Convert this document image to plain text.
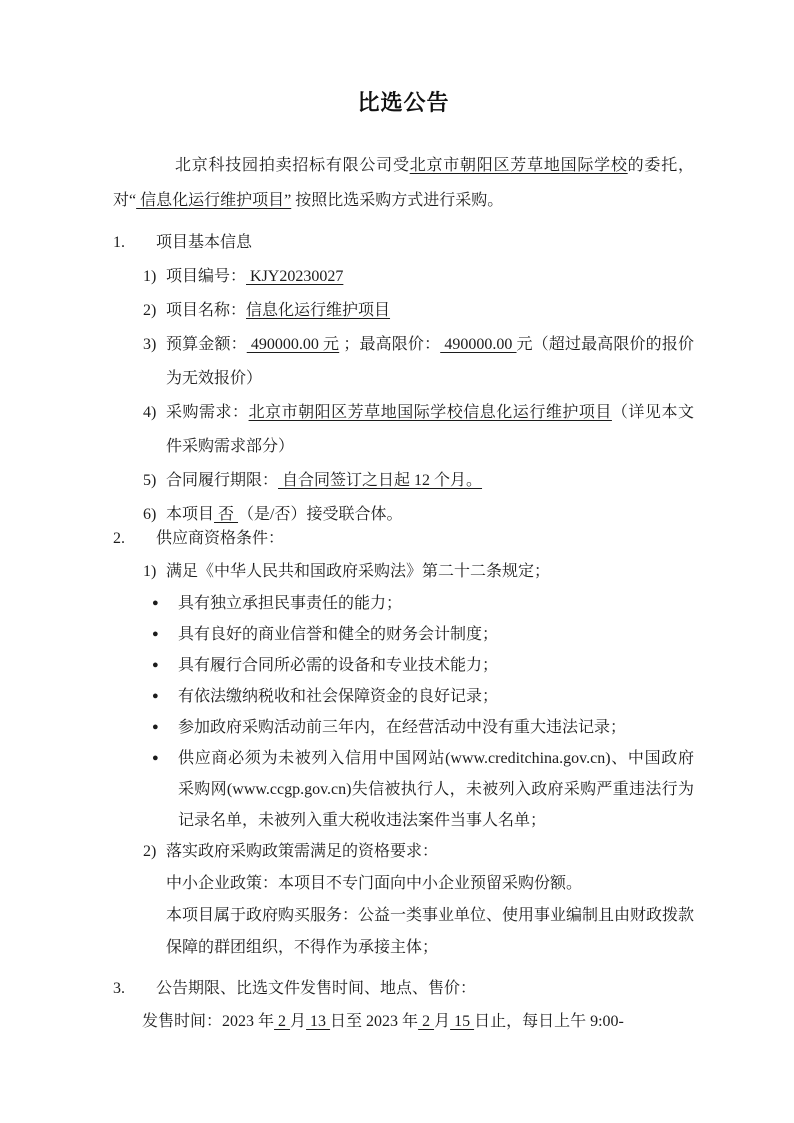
比选公告

北京科技园拍卖招标有限公司受北京市朝阳区芳草地国际学校的委托，对“ 信息化运行维护项目” 按照比选采购方式进行采购。

1. 项目基本信息
1) 项目编号： KJY20230027
2) 项目名称：信息化运行维护项目
3) 预算金额： 490000.00 元 ；最高限价： 490000.00 元（超过最高限价的报价为无效报价）
4) 采购需求：北京市朝阳区芳草地国际学校信息化运行维护项目（详见本文件采购需求部分）
5) 合同履行期限： 自合同签订之日起 12 个月。
6) 本项目 否 （是/否）接受联合体。
2. 供应商资格条件：
1) 满足《中华人民共和国政府采购法》第二十二条规定；
● 具有独立承担民事责任的能力；
● 具有良好的商业信誉和健全的财务会计制度；
● 具有履行合同所必需的设备和专业技术能力；
● 有依法缴纳税收和社会保障资金的良好记录；
● 参加政府采购活动前三年内，在经营活动中没有重大违法记录；
● 供应商必须为未被列入信用中国网站(www.creditchina.gov.cn)、中国政府采购网(www.ccgp.gov.cn)失信被执行人，未被列入政府采购严重违法行为记录名单，未被列入重大税收违法案件当事人名单；
2) 落实政府采购政策需满足的资格要求：
中小企业政策：本项目不专门面向中小企业预留采购份额。
本项目属于政府购买服务：公益一类事业单位、使用事业编制且由财政拨款保障的群团组织，不得作为承接主体；
3. 公告期限、比选文件发售时间、地点、售价：
发售时间：2023 年 2 月 13 日至 2023 年 2 月 15 日止，每日上午 9:00-
